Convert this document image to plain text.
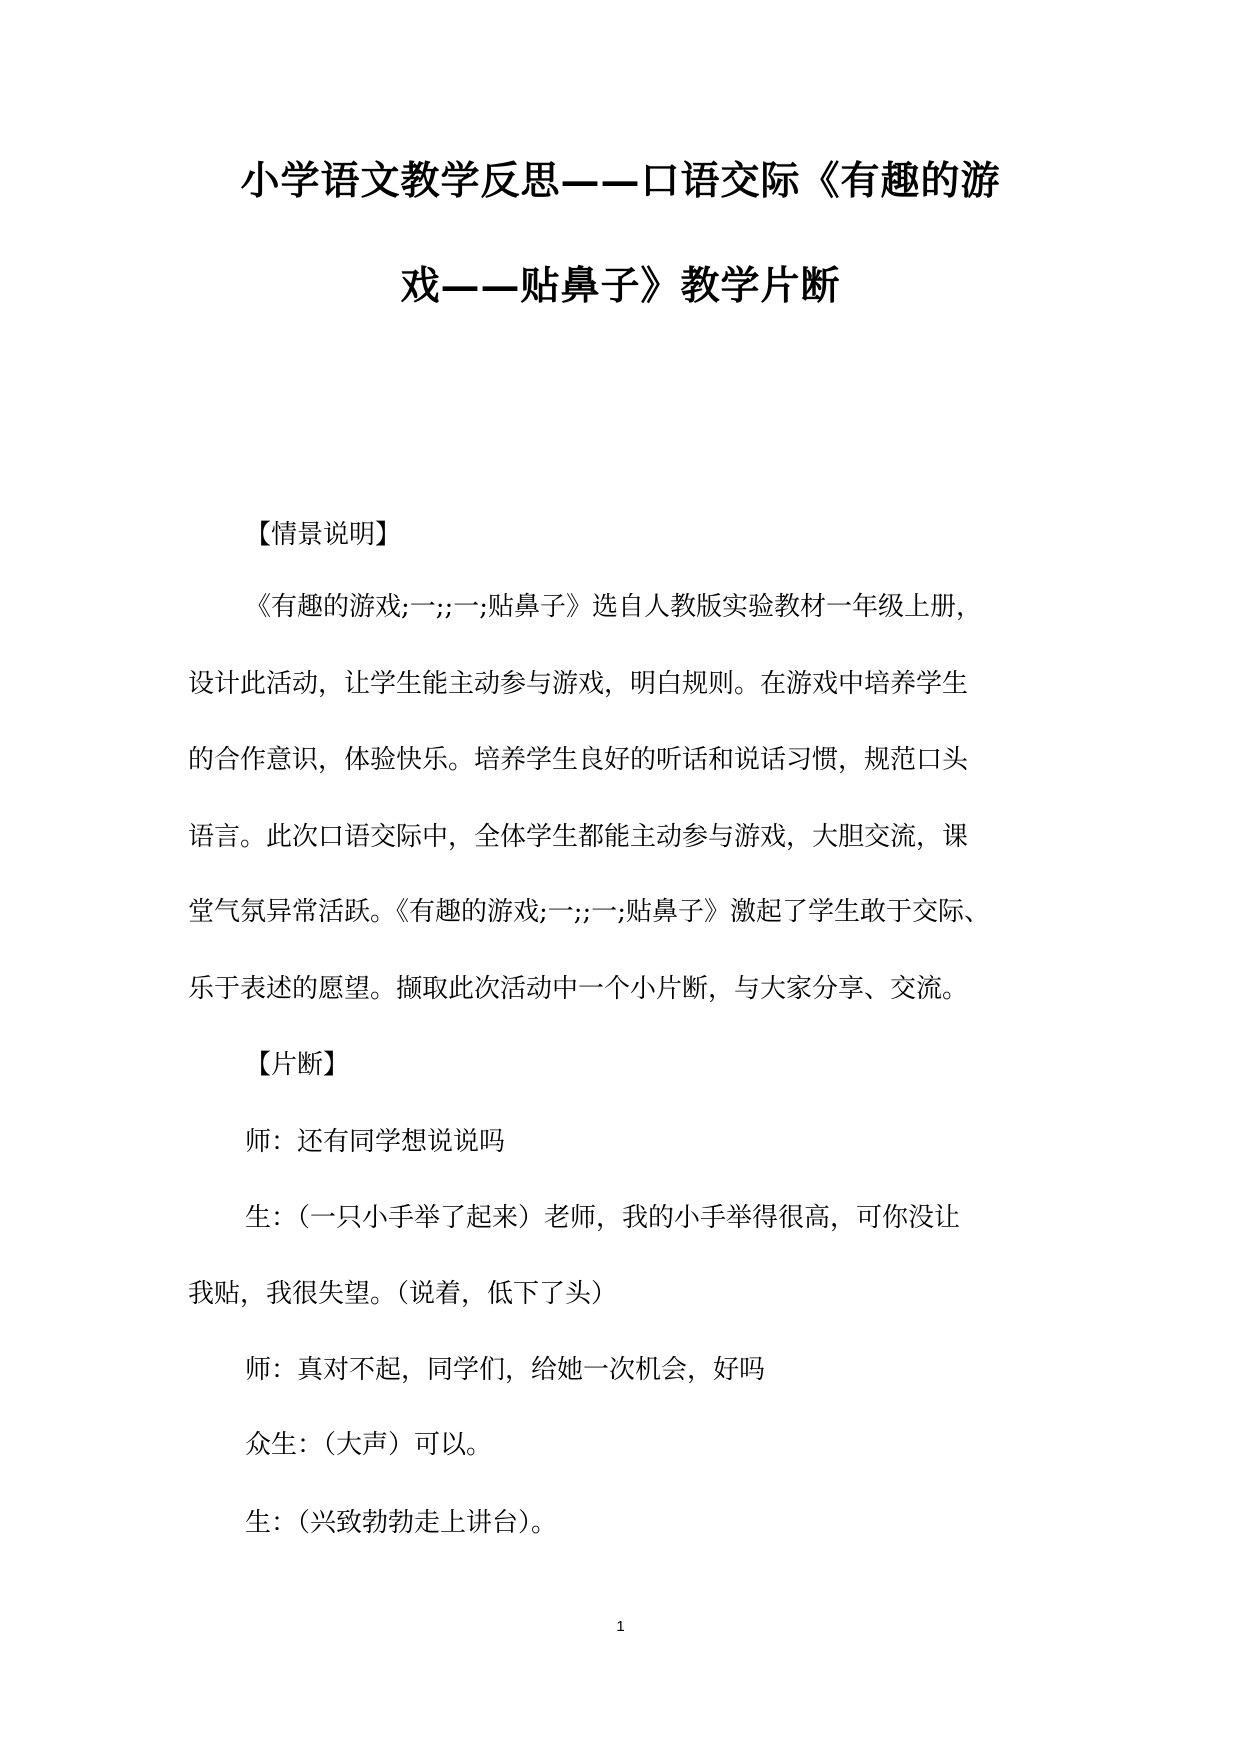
小学语文教学反思——口语交际《有趣的游
戏——贴鼻子》教学片断
【情景说明】
《有趣的游戏;一;;一;贴鼻子》选自人教版实验教材一年级上册，
设计此活动，让学生能主动参与游戏，明白规则。在游戏中培养学生
的合作意识，体验快乐。培养学生良好的听话和说话习惯，规范口头
语言。此次口语交际中，全体学生都能主动参与游戏，大胆交流，课
堂气氛异常活跃。《有趣的游戏;一;;一;贴鼻子》激起了学生敢于交际、
乐于表述的愿望。撷取此次活动中一个小片断，与大家分享、交流。
【片断】
师：还有同学想说说吗
生：（一只小手举了起来）老师，我的小手举得很高，可你没让
我贴，我很失望。（说着，低下了头）
师：真对不起，同学们，给她一次机会，好吗
众生：（大声）可以。
生：（兴致勃勃走上讲台）。
1
